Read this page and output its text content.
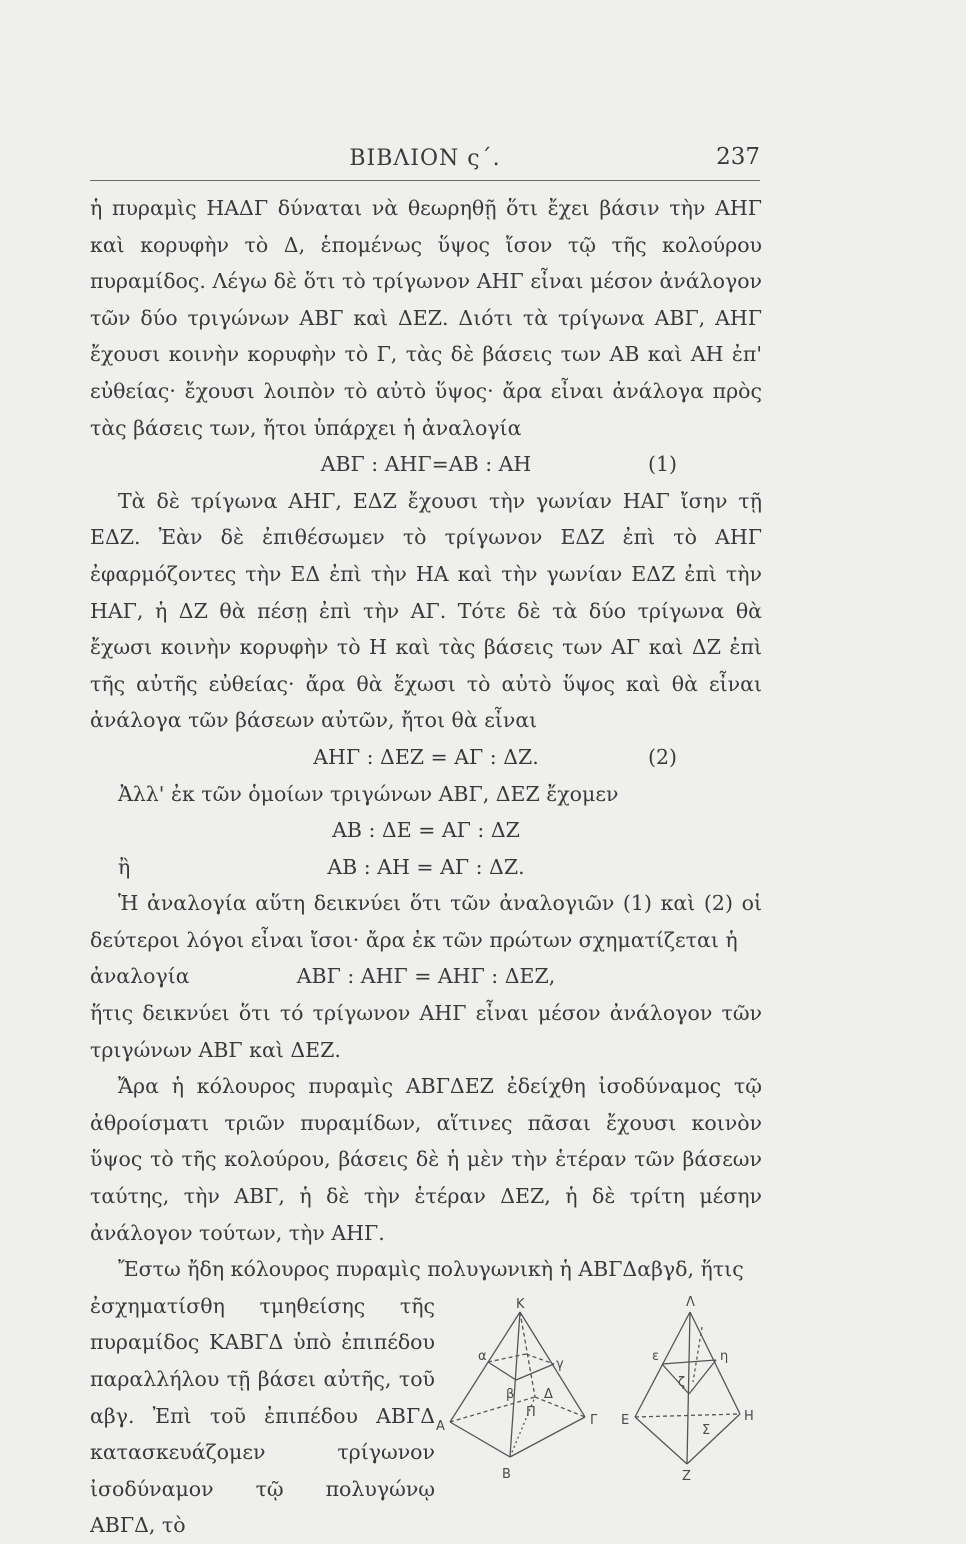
ΒΙΒΛΙΟΝ ς΄.	237

ἡ πυραμὶς ΗΑΔΓ δύναται νὰ θεωρηθῇ ὅτι ἔχει βάσιν τὴν ΑΗΓ καὶ κορυφὴν τὸ Δ, ἑπομένως ὕψος ἴσον τῷ τῆς κολούρου πυραμίδος. Λέγω δὲ ὅτι τὸ τρίγωνον ΑΗΓ εἶναι μέσον ἀνάλογον τῶν δύο τριγώνων ΑΒΓ καὶ ΔΕΖ. Διότι τὰ τρίγωνα ΑΒΓ, ΑΗΓ ἔχουσι κοινὴν κορυφὴν τὸ Γ, τὰς δὲ βάσεις των ΑΒ καὶ ΑΗ ἐπ' εὐθείας· ἔχουσι λοιπὸν τὸ αὐτὸ ὕψος· ἄρα εἶναι ἀνάλογα πρὸς τὰς βάσεις των, ἤτοι ὑπάρχει ἡ ἀναλογία

ΑΒΓ : ΑΗΓ=ΑΒ : ΑΗ	(1)

Τὰ δὲ τρίγωνα ΑΗΓ, ΕΔΖ ἔχουσι τὴν γωνίαν ΗΑΓ ἴσην τῇ ΕΔΖ. Ἐὰν δὲ ἐπιθέσωμεν τὸ τρίγωνον ΕΔΖ ἐπὶ τὸ ΑΗΓ ἐφαρμόζοντες τὴν ΕΔ ἐπὶ τὴν ΗΑ καὶ τὴν γωνίαν ΕΔΖ ἐπὶ τὴν ΗΑΓ, ἡ ΔΖ θὰ πέσῃ ἐπὶ τὴν ΑΓ. Τότε δὲ τὰ δύο τρίγωνα θὰ ἔχωσι κοινὴν κορυφὴν τὸ Η καὶ τὰς βάσεις των ΑΓ καὶ ΔΖ ἐπὶ τῆς αὐτῆς εὐθείας· ἄρα θὰ ἔχωσι τὸ αὐτὸ ὕψος καὶ θὰ εἶναι ἀνάλογα τῶν βάσεων αὐτῶν, ἤτοι θὰ εἶναι

ΑΗΓ : ΔΕΖ = ΑΓ : ΔΖ.	(2)

Ἀλλ' ἐκ τῶν ὁμοίων τριγώνων ΑΒΓ, ΔΕΖ ἔχομεν

ΑΒ : ΔΕ = ΑΓ : ΔΖ
ἢ	ΑΒ : ΑΗ = ΑΓ : ΔΖ.

Ἡ ἀναλογία αὕτη δεικνύει ὅτι τῶν ἀναλογιῶν (1) καὶ (2) οἱ δεύτεροι λόγοι εἶναι ἴσοι· ἄρα ἐκ τῶν πρώτων σχηματίζεται ἡ

ἀναλογία	ΑΒΓ : ΑΗΓ = ΑΗΓ : ΔΕΖ,

ἥτις δεικνύει ὅτι τό τρίγωνον ΑΗΓ εἶναι μέσον ἀνάλογον τῶν τριγώνων ΑΒΓ καὶ ΔΕΖ.

Ἄρα ἡ κόλουρος πυραμὶς ΑΒΓΔΕΖ ἐδείχθη ἰσοδύναμος τῷ ἀθροίσματι τριῶν πυραμίδων, αἵτινες πᾶσαι ἔχουσι κοινὸν ὕψος τὸ τῆς κολούρου, βάσεις δὲ ἡ μὲν τὴν ἑτέραν τῶν βάσεων ταύτης, τὴν ΑΒΓ, ἡ δὲ τὴν ἑτέραν ΔΕΖ, ἡ δὲ τρίτη μέσην ἀνάλογον τούτων, τὴν ΑΗΓ.

Ἔστω ἤδη κόλουρος πυραμὶς πολυγωνικὴ ἡ ΑΒΓΔαβγδ, ἥτις

ἐσχηματίσθη τμηθείσης τῆς πυραμίδος ΚΑΒΓΔ ὑπὸ ἐπιπέδου παραλλήλου τῇ βάσει αὐτῆς, τοῦ αβγ. Ἐπὶ τοῦ ἐπιπέδου ΑΒΓΔ κατασκευάζομεν τρίγωνον ἰσοδύναμον τῷ πολυγώνῳ ΑΒΓΔ, τὸ

Κ
Α
Β
Γ
Π
α
β
γ
Δ
Λ
Ε	Η
Ζ
ε	η
ζ
Σ
